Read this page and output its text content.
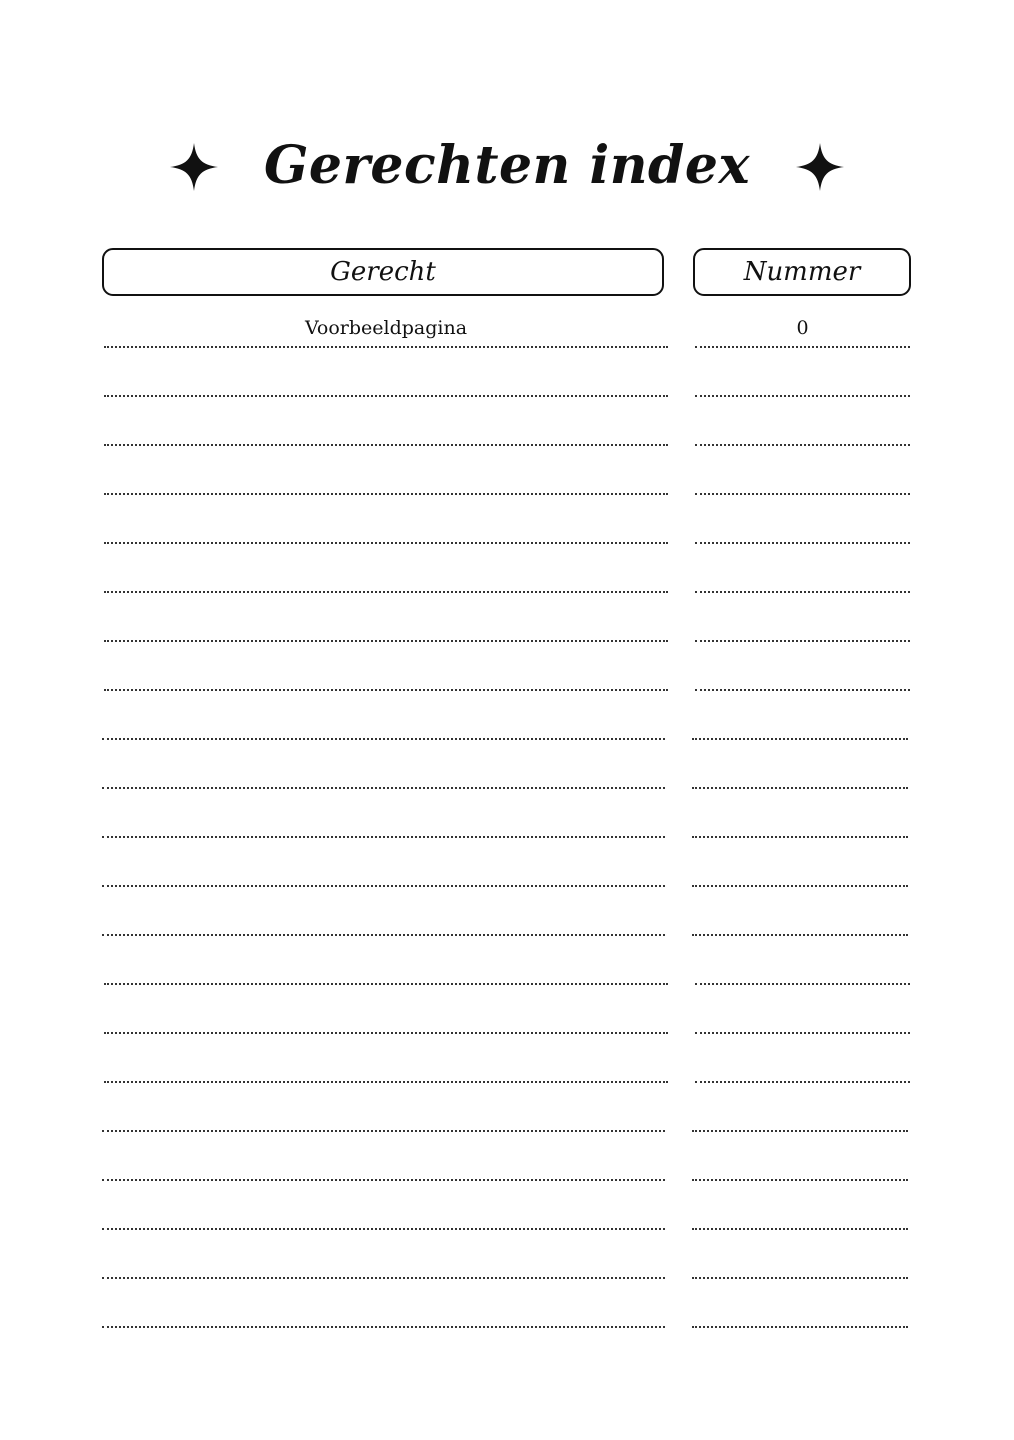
Gerechten index
Gerecht	Nummer
Voorbeeldpagina	0
